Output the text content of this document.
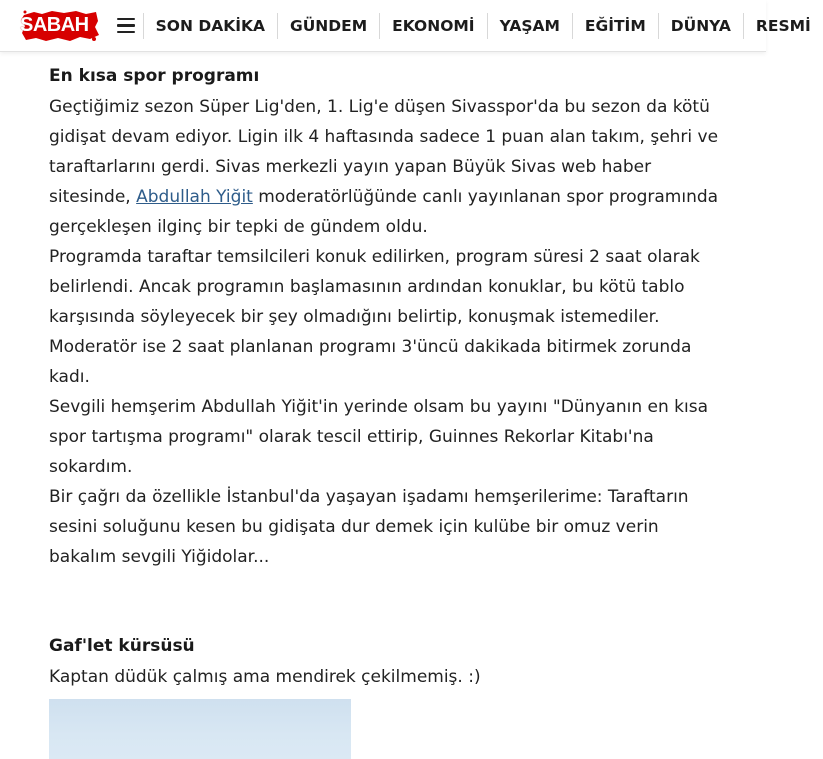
SABAH	SON DAKİKA	GÜNDEM	EKONOMİ	YAŞAM	EĞİTİM	DÜNYA	RESMİ
En kısa spor programı
Geçtiğimiz sezon Süper Lig'den, 1. Lig'e düşen Sivasspor'da bu sezon da kötü gidişat devam ediyor. Ligin ilk 4 haftasında sadece 1 puan alan takım, şehri ve taraftarlarını gerdi. Sivas merkezli yayın yapan Büyük Sivas web haber sitesinde, Abdullah Yiğit moderatörlüğünde canlı yayınlanan spor programında gerçekleşen ilginç bir tepki de gündem oldu.
Programda taraftar temsilcileri konuk edilirken, program süresi 2 saat olarak belirlendi. Ancak programın başlamasının ardından konuklar, bu kötü tablo karşısında söyleyecek bir şey olmadığını belirtip, konuşmak istemediler. Moderatör ise 2 saat planlanan programı 3'üncü dakikada bitirmek zorunda kadı.
Sevgili hemşerim Abdullah Yiğit'in yerinde olsam bu yayını "Dünyanın en kısa spor tartışma programı" olarak tescil ettirip, Guinnes Rekorlar Kitabı'na sokardım.
Bir çağrı da özellikle İstanbul'da yaşayan işadamı hemşerilerime: Taraftarın sesini soluğunu kesen bu gidişata dur demek için kulübe bir omuz verin bakalım sevgili Yiğidolar...
Gaf'let kürsüsü
Kaptan düdük çalmış ama mendirek çekilmemiş. :)
